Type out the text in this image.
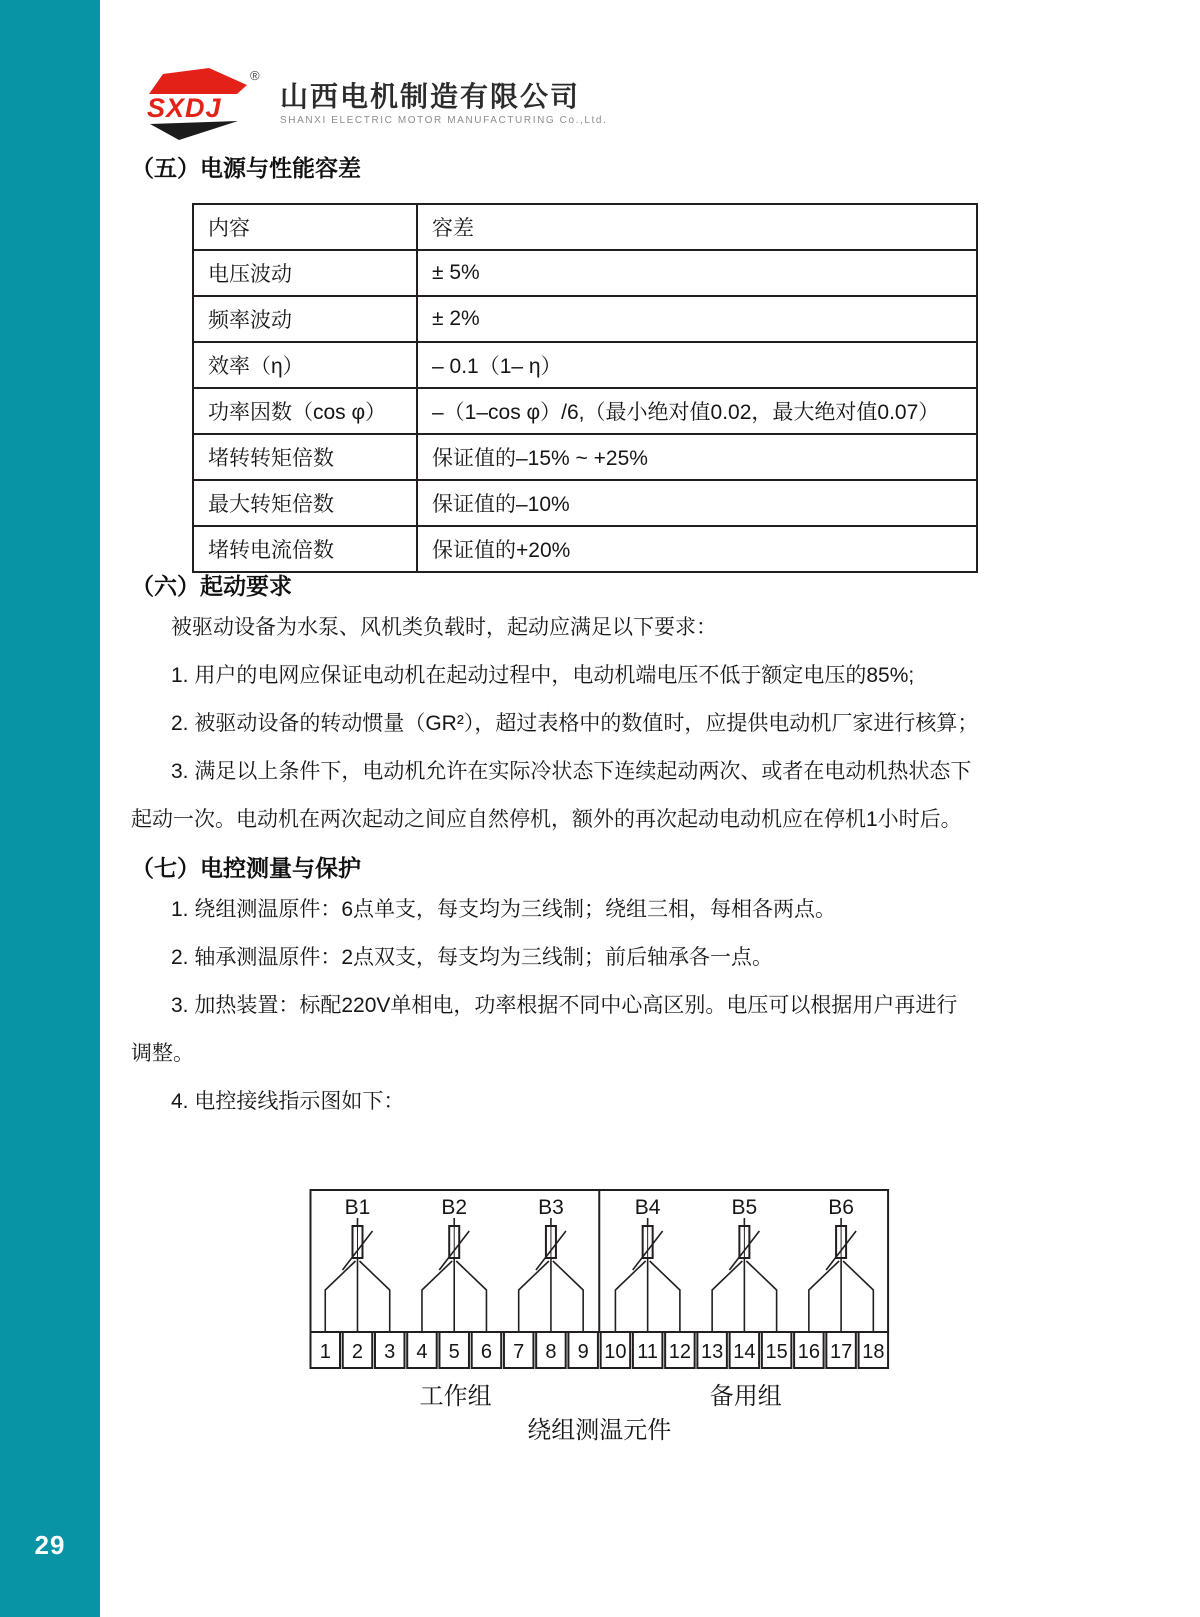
29
SXDJ
®
山西电机制造有限公司
SHANXI ELECTRIC MOTOR MANUFACTURING Co.,Ltd.
（五）电源与性能容差
内容	容差
电压波动	± 5%
频率波动	± 2%
效率（η）	– 0.1（1– η）
功率因数（cos φ）	–（1–cos φ）/6,（最小绝对值0.02，最大绝对值0.07）
堵转转矩倍数	保证值的–15% ~ +25%
最大转矩倍数	保证值的–10%
堵转电流倍数	保证值的+20%
（六）起动要求

被驱动设备为水泵、风机类负载时，起动应满足以下要求：

1. 用户的电网应保证电动机在起动过程中，电动机端电压不低于额定电压的85%;

2. 被驱动设备的转动惯量（GR²），超过表格中的数值时，应提供电动机厂家进行核算；

3. 满足以上条件下，电动机允许在实际冷状态下连续起动两次、或者在电动机热状态下

起动一次。电动机在两次起动之间应自然停机，额外的再次起动电动机应在停机1小时后。

（七）电控测量与保护

1. 绕组测温原件：6点单支，每支均为三线制；绕组三相，每相各两点。

2. 轴承测温原件：2点双支，每支均为三线制；前后轴承各一点。

3. 加热装置：标配220V单相电，功率根据不同中心高区别。电压可以根据用户再进行

调整。

4. 电控接线指示图如下：

1 2 3 4 5 6 7 8 9 10 11 12 13 14 15 16 17 18
B1	B2	B3	B4	B5	B6
工作组	备用组
绕组测温元件
